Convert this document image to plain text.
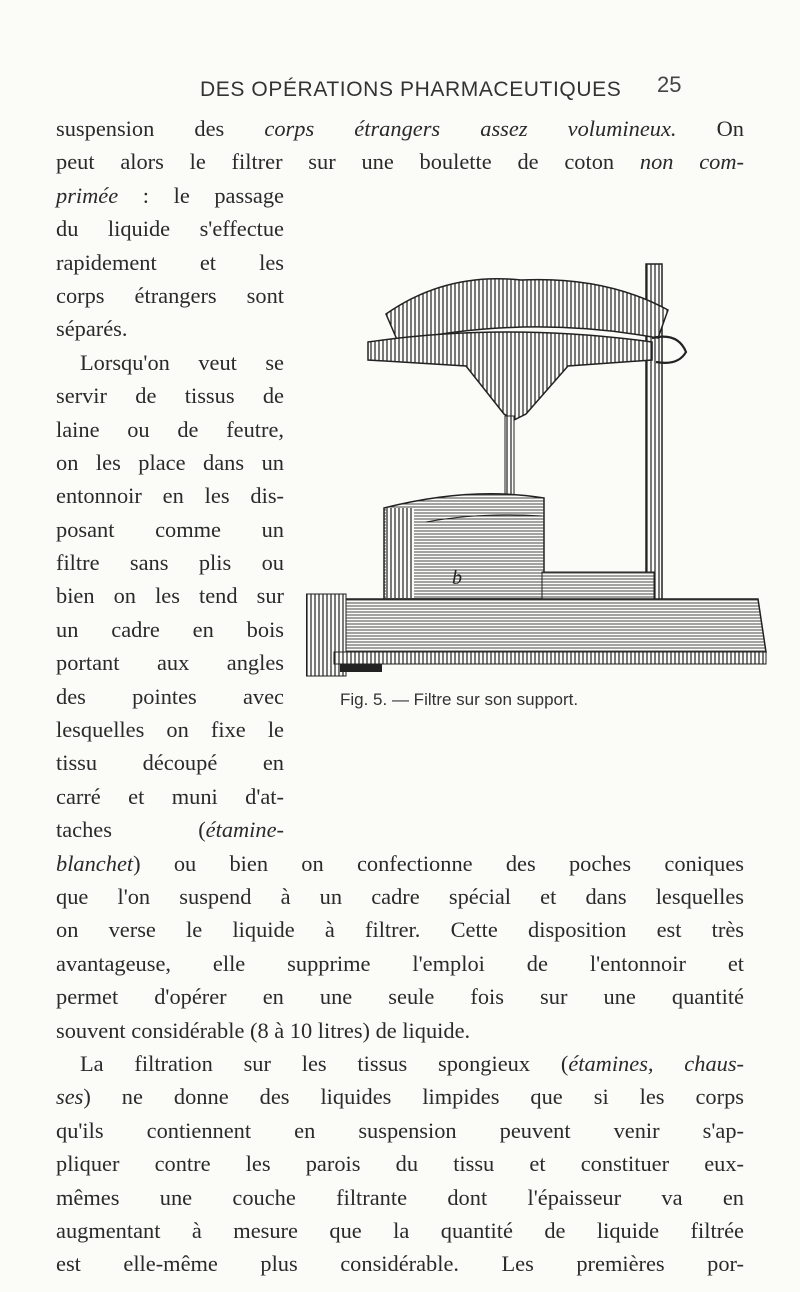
DES OPÉRATIONS PHARMACEUTIQUES 25
b
Fig. 5. — Filtre sur son support.
suspension des corps étrangers assez volumineux. On
peut alors le filtrer sur une boulette de coton non com-
primée : le passage
du liquide s'effectue
rapidement et les
corps étrangers sont
séparés.
Lorsqu'on veut se
servir de tissus de
laine ou de feutre,
on les place dans un
entonnoir en les dis-
posant comme un
filtre sans plis ou
bien on les tend sur
un cadre en bois
portant aux angles
des pointes avec
lesquelles on fixe le
tissu découpé en
carré et muni d'at-
taches (étamine-
blanchet) ou bien on confectionne des poches coniques
que l'on suspend à un cadre spécial et dans lesquelles
on verse le liquide à filtrer. Cette disposition est très
avantageuse, elle supprime l'emploi de l'entonnoir et
permet d'opérer en une seule fois sur une quantité
souvent considérable (8 à 10 litres) de liquide.
La filtration sur les tissus spongieux (étamines, chaus-
ses) ne donne des liquides limpides que si les corps
qu'ils contiennent en suspension peuvent venir s'ap-
pliquer contre les parois du tissu et constituer eux-
mêmes une couche filtrante dont l'épaisseur va en
augmentant à mesure que la quantité de liquide filtrée
est elle-même plus considérable. Les premières por-
